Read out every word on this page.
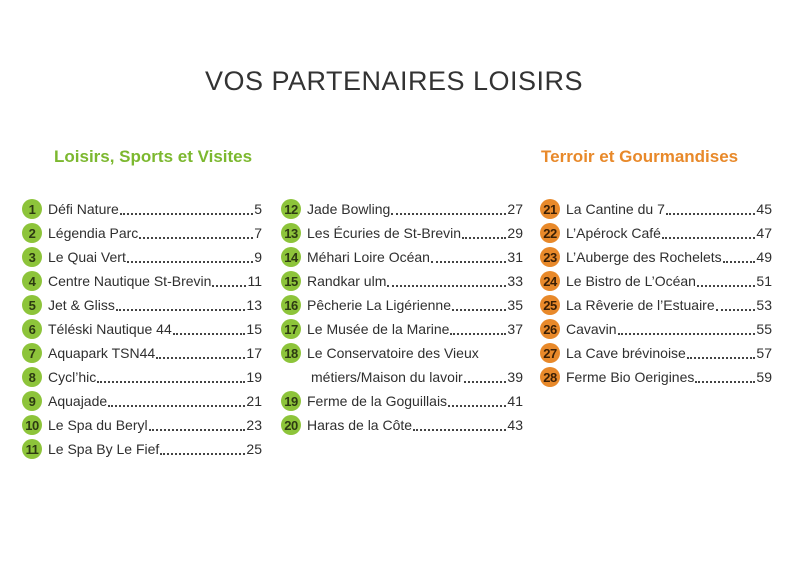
VOS PARTENAIRES LOISIRS
Loisirs, Sports et Visites	Terroir et Gourmandises
1 Défi Nature	5
2 Légendia Parc	7
3 Le Quai Vert	9
4 Centre Nautique St-Brevin	11
5 Jet & Gliss	13
6 Téléski Nautique 44	15
7 Aquapark TSN44	17
8 Cycl’hic	19
9 Aquajade	21
10 Le Spa du Beryl	23
11 Le Spa By Le Fief	25
12 Jade Bowling	27
13 Les Écuries de St-Brevin	29
14 Méhari Loire Océan	31
15 Randkar ulm	33
16 Pêcherie La Ligérienne	35
17 Le Musée de la Marine	37
18 Le Conservatoire des Vieux
métiers/Maison du lavoir	39
19 Ferme de la Goguillais	41
20 Haras de la Côte	43
21 La Cantine du 7	45
22 L’Apérock Café	47
23 L’Auberge des Rochelets 49
24 Le Bistro de L’Océan	51
25 La Rêverie de l’Estuaire	53
26 Cavavin	55
27 La Cave brévinoise	57
28 Ferme Bio Oerigines	59
